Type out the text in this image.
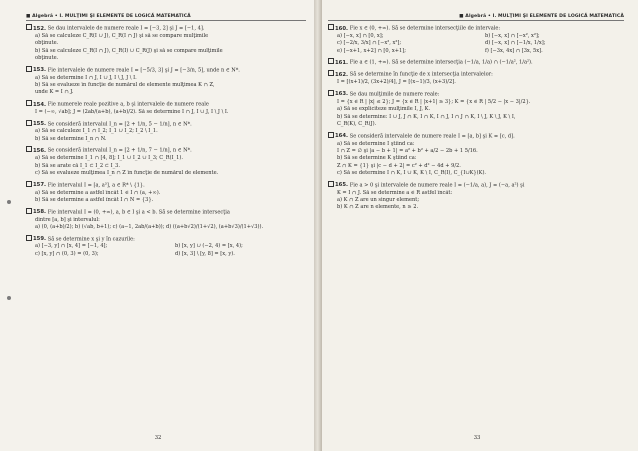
■ Algebră • I. MULŢIMI ŞI ELEMENTE DE LOGICĂ MATEMATICĂ
152. Se dau intervalele de numere reale I = [−3, 2] şi J = [−1, 4].
a) Să se calculeze C_R(I ∪ J), C_R(I ∩ J) şi să se compare mulţimile
obţinute.
b) Să se calculeze C_R(I ∩ J), C_R(I) ∪ C_R(J) şi să se compare mulţimile
obţinute.
153. Fie intervalele de numere reale I = [−5/3, 3] şi J = [−3/n, 5], unde n ∈ N*.
a) Să se determine I ∩ J, I ∪ J, I \ J, J \ I.
b) Să se evalueze în funcţie de numărul de elemente mulţimea K ∩ Z,
unde K = I ∩ J.
154. Fie numerele reale pozitive a, b şi intervalele de numere reale
I = (−∞, √ab]; J = (2ab/(a+b), (a+b)/2). Să se determine I ∩ J, I ∪ J, I \ J \ I.
155. Se consideră intervalul I_n = [2 + 1/n, 5 − 1/n], n ∈ N*.
a) Să se calculeze I_1 ∩ I_2; I_1 ∪ I_2; I_2 \ I_1.
b) Să se determine I_n ∩ N.
156. Se consideră intervalul I_n = [2 + 1/n, 7 − 1/n], n ∈ N*.
a) Să se determine I_1 ∩ [4, 8]; I_1 ∪ I_2 ∪ I_3; C_R(I_1).
b) Să se arate că I_1 ⊂ I_2 ⊂ I_3.
c) Să se evalueze mulţimea I_n ∩ Z în funcţie de numărul de elemente.
157. Fie intervalul I = [a, a³], a ∈ R* \ {1}.
a) Să se determine a astfel încât 1 ∈ I ∩ (a, +∞).
b) Să se determine a astfel încât I ∩ N = {3}.
158. Fie intervalul I = (0, +∞), a, b ∈ I şi a < b. Să se determine intersecţia
dintre [a, b] şi intervalul:
a) (0, (a+b)/2); b) (√ab, b+1); c) (a−1, 2ab/(a+b)); d) ((a+b√2)/(1+√2), (a+b√3)/(1+√3)).
159. Să se determine x şi y în cazurile:
a) [−3, y] ∩ [x, 4] = [−1, 4];	b) [x, y] ∪ (−2, 4) = [x, 4);
c) [x, y] ∩ (0, 3) = (0, 3);	d) [x, 3] \ [y, 8] = [x, y).
32
■ Algebră • I. MULŢIMI ŞI ELEMENTE DE LOGICĂ MATEMATICĂ
160. Fie x ∈ (0, +∞). Să se determine intersecţiile de intervale:
a) [−x, x] ∩ [0, x];	b) [−x, x] ∩ [−x², x²];
c) [−2/x, 3/x] ∩ [−x², x²];	d) [−x, x] ∩ [−1/x, 1/x];
e) [−x+1, x+2] ∩ [0, x+1];	f) [−3x, 4x] ∩ [3x, 5x].
161. Fie a ∈ (1, +∞). Să se determine intersecţia (−1/a, 1/a) ∩ (−1/a², 1/a²).
162. Să se determine în funcţie de x intersecţia intervalelor:
I = [(x+1)/2, (3x+2)/4], J = [(x−1)/3, (x+3)/2].
163. Se dau mulţimile de numere reale:
I = {x ∈ R | |x| ≤ 2}; J = {x ∈ R | |x+1| ≥ 3}; K = {x ∈ R | 5/2 − |x − 3|/2}.
a) Să se expliciteze mulţimile I, J, K.
b) Să se determine: I ∪ J, J ∩ K, I ∩ K, I ∩ J, I ∩ J ∩ K, I \ J, K \ J, K \ I,
C_R(K), C_R(J).
164. Se consideră intervalele de numere reale I = [a, b] şi K = [c, d].
a) Să se determine I ştiind ca:
I ∩ Z = ∅ şi |a − b + 1| = a² + b² + a/2 − 2b + 1 5/16.
b) Să se determine K ştiind ca:
Z ∩ K = {1} şi |c − d + 2| = c² + d² − 4d + 9/2.
c) Să se determine I ∩ K, I ∪ K, K \ I, C_R(I), C_{I∪K}(K).
165. Fie a > 0 şi intervalele de numere reale I = (−1/a, a), J = (−a, a²) şi
K = I ∩ J. Să se determine a ∈ R astfel încât:
a) K ∩ Z are un singur element;
b) K ∩ Z are n elemente, n ≥ 2.
33
